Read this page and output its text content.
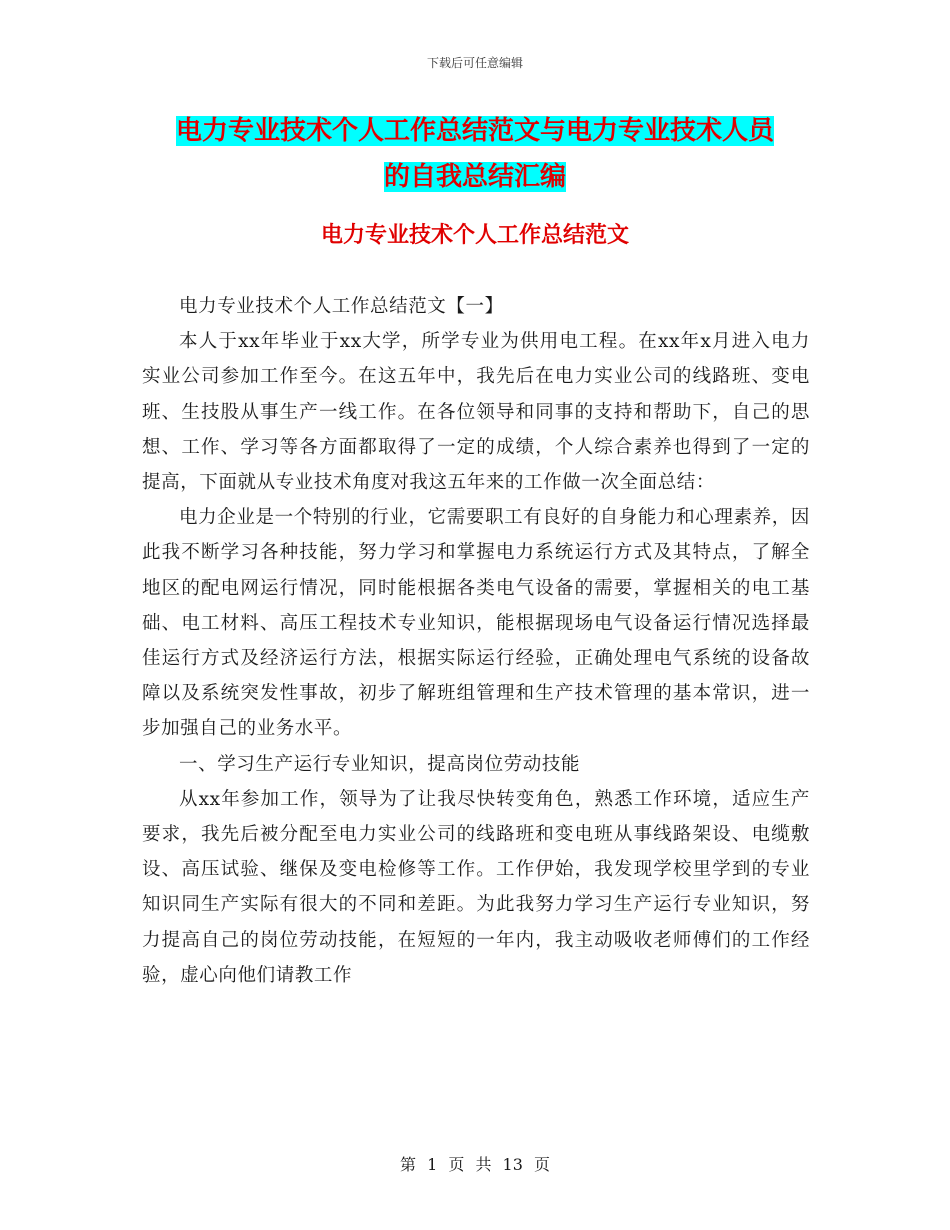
下载后可任意编辑
电力专业技术个人工作总结范文与电力专业技术人员
的自我总结汇编
电力专业技术个人工作总结范文

电力专业技术个人工作总结范文【一】

本人于xx年毕业于xx大学，所学专业为供用电工程。在xx年x月进入电力实业公司参加工作至今。在这五年中，我先后在电力实业公司的线路班、变电班、生技股从事生产一线工作。在各位领导和同事的支持和帮助下，自己的思想、工作、学习等各方面都取得了一定的成绩，个人综合素养也得到了一定的提高，下面就从专业技术角度对我这五年来的工作做一次全面总结：

电力企业是一个特别的行业，它需要职工有良好的自身能力和心理素养，因此我不断学习各种技能，努力学习和掌握电力系统运行方式及其特点，了解全地区的配电网运行情况，同时能根据各类电气设备的需要，掌握相关的电工基础、电工材料、高压工程技术专业知识，能根据现场电气设备运行情况选择最佳运行方式及经济运行方法，根据实际运行经验，正确处理电气系统的设备故障以及系统突发性事故，初步了解班组管理和生产技术管理的基本常识，进一步加强自己的业务水平。

一、学习生产运行专业知识，提高岗位劳动技能

从xx年参加工作，领导为了让我尽快转变角色，熟悉工作环境，适应生产要求，我先后被分配至电力实业公司的线路班和变电班从事线路架设、电缆敷设、高压试验、继保及变电检修等工作。工作伊始，我发现学校里学到的专业知识同生产实际有很大的不同和差距。为此我努力学习生产运行专业知识，努力提高自己的岗位劳动技能，在短短的一年内，我主动吸收老师傅们的工作经验，虚心向他们请教工作

第 1 页 共 13 页
